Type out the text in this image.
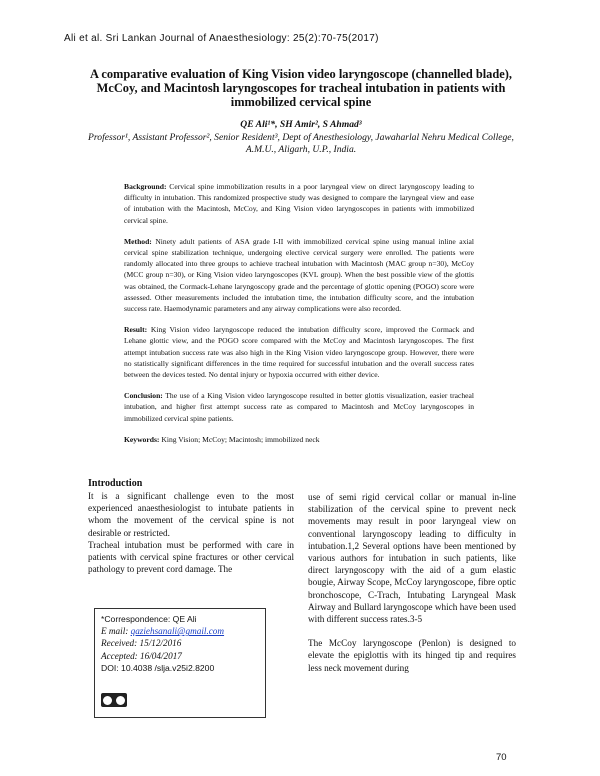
Ali et al. Sri Lankan Journal of Anaesthesiology: 25(2):70-75(2017)
A comparative evaluation of King Vision video laryngoscope (channelled blade), McCoy, and Macintosh laryngoscopes for tracheal intubation in patients with immobilized cervical spine
QE Ali¹*, SH Amir², S Ahmad³
Professor¹, Assistant Professor², Senior Resident³, Dept of Anesthesiology, Jawaharlal Nehru Medical College, A.M.U., Aligarh, U.P., India.

Background: Cervical spine immobilization results in a poor laryngeal view on direct laryngoscopy leading to difficulty in intubation. This randomized prospective study was designed to compare the laryngeal view and ease of intubation with the Macintosh, McCoy, and King Vision video laryngoscopes in patients with immobilized cervical spine.

Method: Ninety adult patients of ASA grade I-II with immobilized cervical spine using manual inline axial cervical spine stabilization technique, undergoing elective cervical surgery were enrolled. The patients were randomly allocated into three groups to achieve tracheal intubation with Macintosh (MAC group n=30), McCoy (MCC group n=30), or King Vision video laryngoscopes (KVL group). When the best possible view of the glottis was obtained, the Cormack-Lehane laryngoscopy grade and the percentage of glottic opening (POGO) score were assessed. Other measurements included the intubation time, the intubation difficulty score, and the intubation success rate. Haemodynamic parameters and any airway complications were also recorded.

Result: King Vision video laryngoscope reduced the intubation difficulty score, improved the Cormack and Lehane glottic view, and the POGO score compared with the McCoy and Macintosh laryngoscopes. The first attempt intubation success rate was also high in the King Vision video laryngoscope group. However, there were no statistically significant differences in the time required for successful intubation and the overall success rates between the devices tested. No dental injury or hypoxia occurred with either device.

Conclusion: The use of a King Vision video laryngoscope resulted in better glottis visualization, easier tracheal intubation, and higher first attempt success rate as compared to Macintosh and McCoy laryngoscopes in immobilized cervical spine patients.

Keywords: King Vision; McCoy; Macintosh; immobilized neck

Introduction

It is a significant challenge even to the most experienced anaesthesiologist to intubate patients in whom the movement of the cervical spine is not desirable or restricted.

Tracheal intubation must be performed with care in patients with cervical spine fractures or other cervical pathology to prevent cord damage. The

use of semi rigid cervical collar or manual in-line stabilization of the cervical spine to prevent neck movements may result in poor laryngeal view on conventional laryngoscopy leading to difficulty in intubation.1,2 Several options have been mentioned by various authors for intubation in such patients, like direct laryngoscopy with the aid of a gum elastic bougie, Airway Scope, McCoy laryngoscope, fibre optic bronchoscope, C-Trach, Intubating Laryngeal Mask Airway and Bullard laryngoscope which have been used with different success rates.3-5

The McCoy laryngoscope (Penlon) is designed to elevate the epiglottis with its hinged tip and requires less neck movement during

*Correspondence: QE Ali
E mail: qaziehsanali@gmail.com
Received: 15/12/2016
Accepted: 16/04/2017
DOI: 10.4038 /slja.v25i2.8200
70
